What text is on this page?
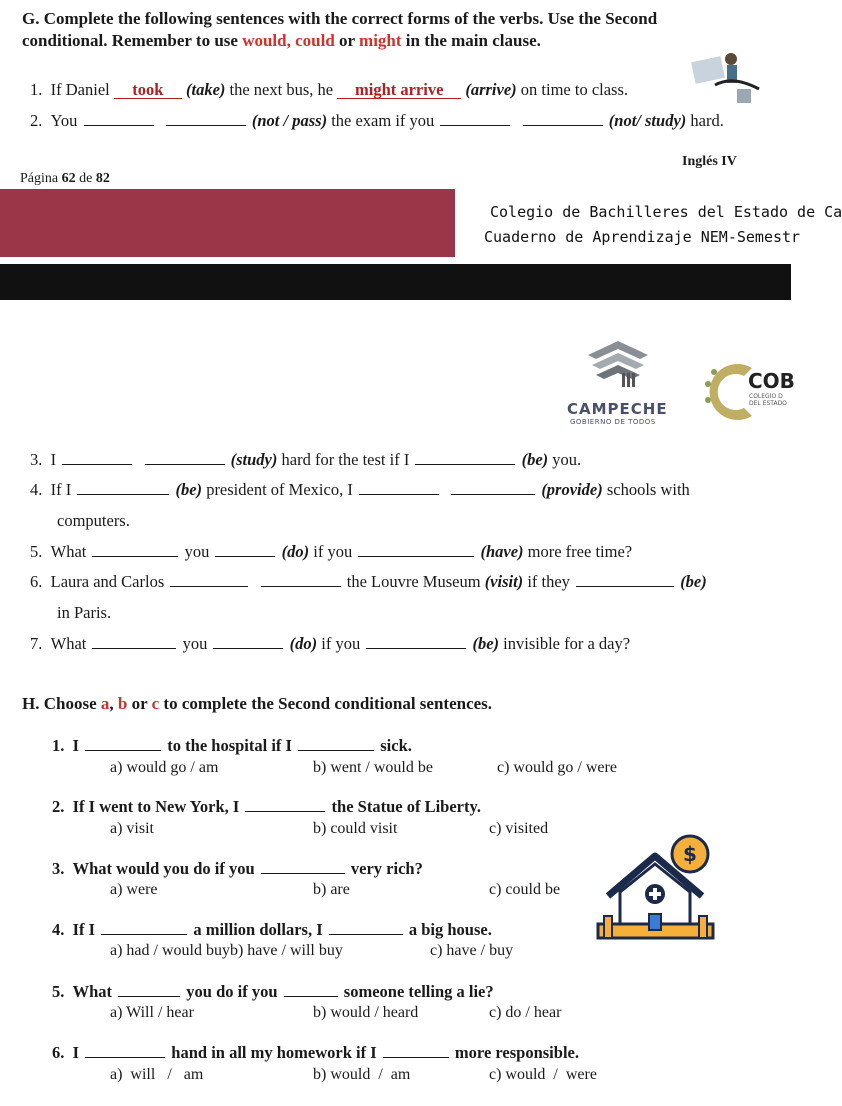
G. Complete the following sentences with the correct forms of the verbs. Use the Second
conditional. Remember to use would, could or might in the main clause.
1. If Daniel took (take) the next bus, he might arrive (arrive) on time to class.
2. You	(not / pass) the exam if you	(not/ study) hard.
Inglés IV
Página 62 de 82
Colegio de Bachilleres del Estado de Ca
Cuaderno de Aprendizaje NEM-Semestr
CAMPECHE
GOBIERNO DE TODOS
COB
COLEGIO D
DEL ESTADO
3. I	(study) hard for the test if I	(be) you.
4. If I	(be) president of Mexico, I	(provide) schools with
computers.
5. What	you	(do) if you	(have) more free time?
6. Laura and Carlos	the Louvre Museum (visit) if they	(be)
in Paris.
7. What	you	(do) if you	(be) invisible for a day?
H. Choose a, b or c to complete the Second conditional sentences.
1. I	to the hospital if I	sick.
a) would go / am	b) went / would be	c) would go / were
2. If I went to New York, I	the Statue of Liberty.
a) visit	b) could visit	c) visited
3. What would you do if you	very rich?
a) were	b) are	c) could be
4. If I	a million dollars, I	a big house.
a) had / would buyb) have / will buy	c) have / buy
$
5. What	you do if you	someone telling a lie?
a) Will / hear	b) would / heard	c) do / hear
6. I	hand in all my homework if I	more responsible.
a)  will   /   am	b) would  /  am	c) would  /  were
